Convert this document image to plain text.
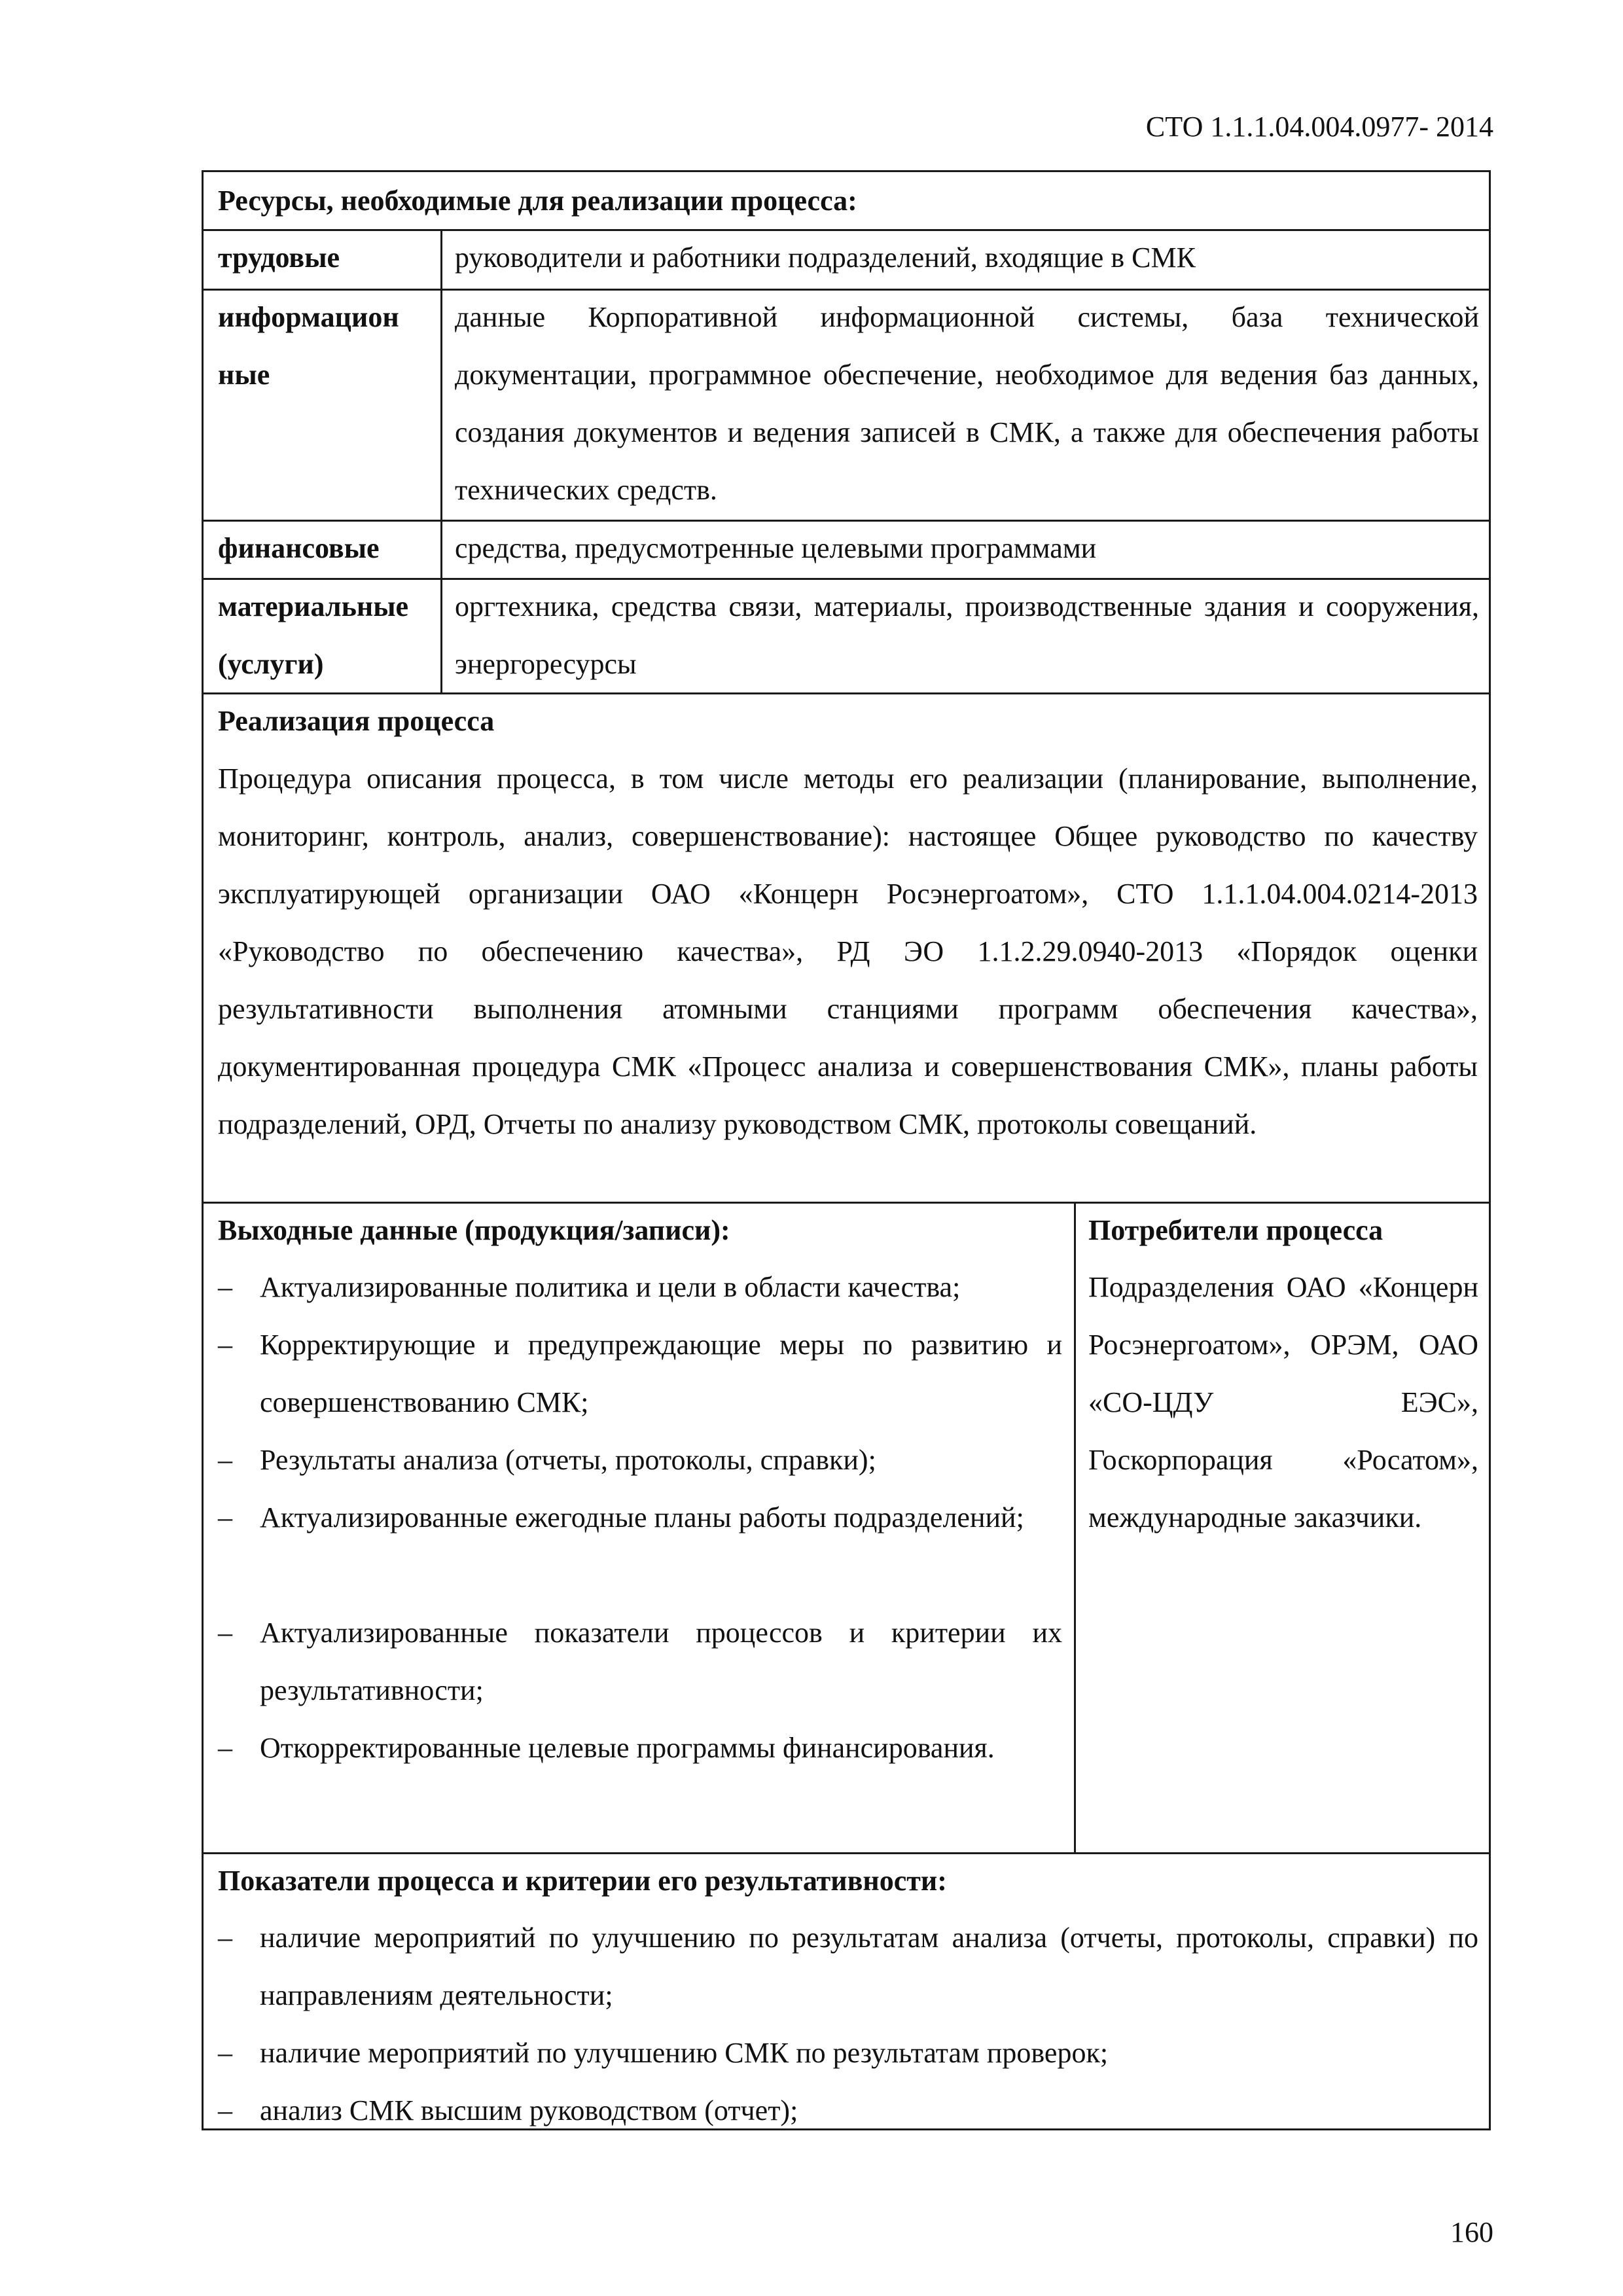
СТО 1.1.1.04.004.0977- 2014
Ресурсы, необходимые для реализации процесса:
трудовые	руководители и работники подразделений, входящие в СМК
информацион
ные
данные Корпоративной информационной системы, база технической документации, программное обеспечение, необходимое для ведения баз данных, создания документов и ведения записей в СМК, а также для обеспечения работы технических средств.
финансовые	средства, предусмотренные целевыми программами
материальные
(услуги)
оргтехника, средства связи, материалы, производственные здания и сооружения, энергоресурсы
Реализация процесса
Процедура описания процесса, в том числе методы его реализации (планирование, выполнение, мониторинг, контроль, анализ, совершенствование): настоящее Общее руководство по качеству эксплуатирующей организации ОАО «Концерн Росэнергоатом», СТО 1.1.1.04.004.0214-2013 «Руководство по обеспечению качества», РД ЭО 1.1.2.29.0940-2013 «Порядок оценки результативности выполнения атомными станциями программ обеспечения качества», документированная процедура СМК «Процесс анализа и совершенствования СМК», планы работы подразделений, ОРД, Отчеты по анализу руководством СМК, протоколы совещаний.
Выходные данные (продукция/записи):
– Актуализированные политика и цели в области качества;
– Корректирующие и предупреждающие меры по развитию и совершенствованию СМК;
– Результаты анализа (отчеты, протоколы, справки);
– Актуализированные ежегодные планы работы подразделений;
– Актуализированные показатели процессов и критерии их результативности;
– Откорректированные целевые программы финансирования.
Потребители процесса
Подразделения ОАО «Концерн Росэнергоатом», ОРЭМ, ОАО «СО-ЦДУ ЕЭС», Госкорпорация «Росатом», международные заказчики.
Показатели процесса и критерии его результативности:
– наличие мероприятий по улучшению по результатам анализа (отчеты, протоколы, справки) по направлениям деятельности;
– наличие мероприятий по улучшению СМК по результатам проверок;
– анализ СМК высшим руководством (отчет);
160
